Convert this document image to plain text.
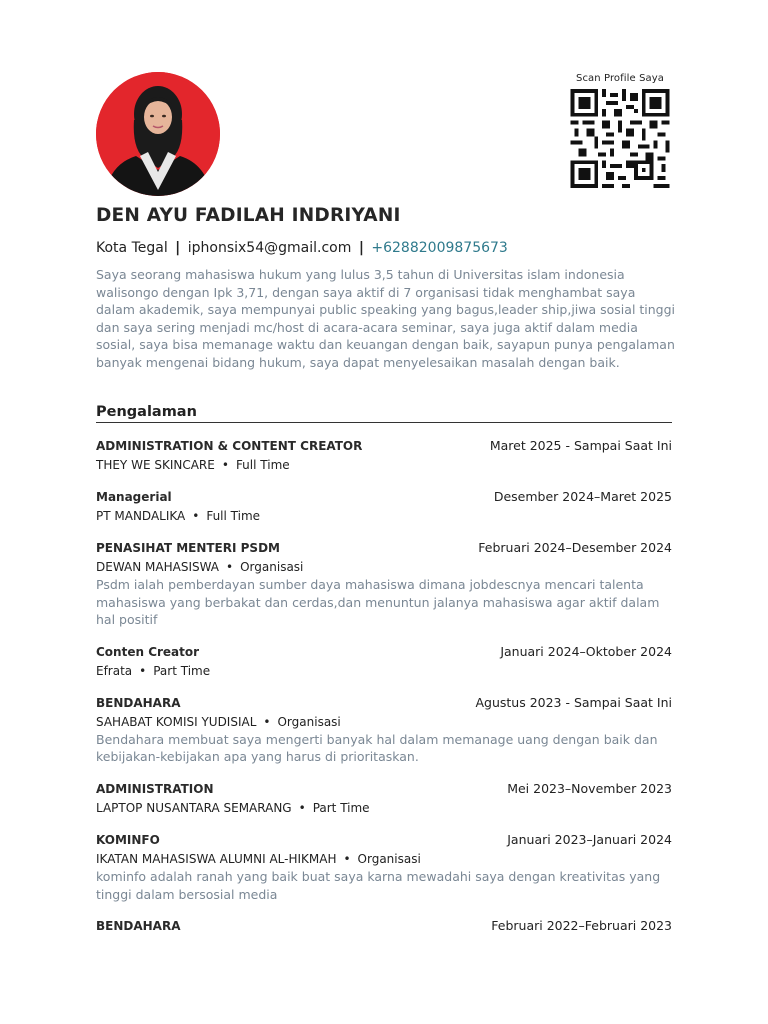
Scan Profile Saya
DEN AYU FADILAH INDRIYANI
Kota Tegal | iphonsix54@gmail.com | +62882009875673

Saya seorang mahasiswa hukum yang lulus 3,5 tahun di Universitas islam indonesia walisongo dengan Ipk 3,71, dengan saya aktif di 7 organisasi tidak menghambat saya dalam akademik, saya mempunyai public speaking yang bagus,leader ship,jiwa sosial tinggi dan saya sering menjadi mc/host di acara-acara seminar, saya juga aktif dalam media sosial, saya bisa memanage waktu dan keuangan dengan baik, sayapun punya pengalaman banyak mengenai bidang hukum, saya dapat menyelesaikan masalah dengan baik.

Pengalaman
ADMINISTRATION & CONTENT CREATOR	Maret 2025 - Sampai Saat Ini
THEY WE SKINCARE • Full Time
Managerial	Desember 2024–Maret 2025
PT MANDALIKA • Full Time
PENASIHAT MENTERI PSDM	Februari 2024–Desember 2024
DEWAN MAHASISWA • Organisasi

Psdm ialah pemberdayan sumber daya mahasiswa dimana jobdescnya mencari talenta mahasiswa yang berbakat dan cerdas,dan menuntun jalanya mahasiswa agar aktif dalam hal positif

Conten Creator	Januari 2024–Oktober 2024
Efrata • Part Time
BENDAHARA	Agustus 2023 - Sampai Saat Ini
SAHABAT KOMISI YUDISIAL • Organisasi

Bendahara membuat saya mengerti banyak hal dalam memanage uang dengan baik dan kebijakan-kebijakan apa yang harus di prioritaskan.

ADMINISTRATION	Mei 2023–November 2023
LAPTOP NUSANTARA SEMARANG • Part Time
KOMINFO	Januari 2023–Januari 2024
IKATAN MAHASISWA ALUMNI AL-HIKMAH • Organisasi

kominfo adalah ranah yang baik buat saya karna mewadahi saya dengan kreativitas yang tinggi dalam bersosial media

BENDAHARA	Februari 2022–Februari 2023
